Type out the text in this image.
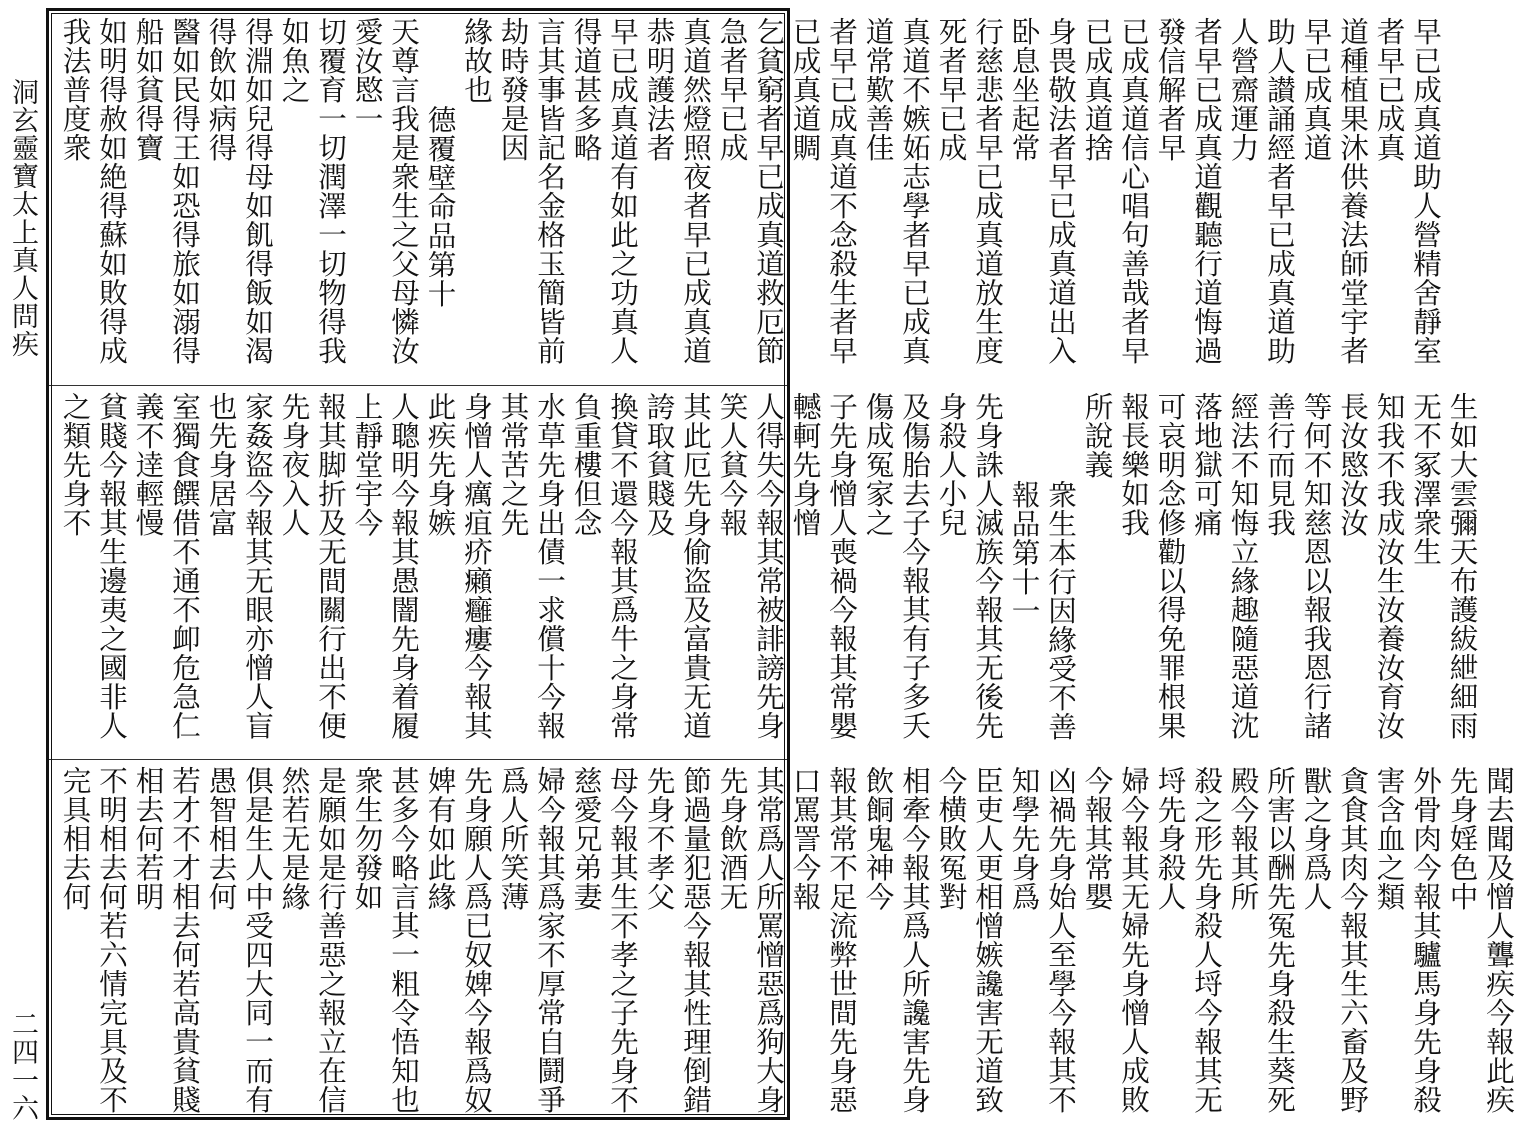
洞玄靈寶太上真人問疾
二四一六

早已成真道助人營精舍靜室者早已成真

道種植果沐供養法師堂宇者早已成真道

助人讃誦經者早已成真道助人營齋運力

者早已成真道觀聽行道悔過發信解者早

已成真道信心唱句善哉者早已成真道捨

身畏敬法者早已成真道出入卧息坐起常

行慈悲者早已成真道放生度死者早已成

真道不嫉妬志學者早已成真道常歎善佳

者早已成真道不念殺生者早已成真道賙

乞貧窮者早已成真道救厄節急者早已成

真道然燈照夜者早已成真道恭明護法者

早已成真道有如此之功真人得道甚多略

言其事皆記名金格玉簡皆前劫時發是因

緣故也

德覆壁命品第十

天尊言我是衆生之父母憐汝愛汝愍一

切覆育一切潤澤一切物得我如魚之

得淵如兒得母如飢得飯如渴得飲如病得

醫如民得王如恐得旅如溺得船如貧得寶

如明得赦如絶得蘇如敗得成我法普度衆

生如大雲彌天布護紱紲細雨无不冢澤衆生

知我不我成汝生汝養汝育汝長汝愍汝汝

等何不知慈恩以報我恩行諸善行而見我

經法不知悔立緣趣隨惡道沈落地獄可痛

可哀明念修勸以得免罪根果報長樂如我

所說義

衆生本行因緣受不善報品第十一

先身誅人滅族今報其无後先身殺人小兒

及傷胎去子今報其有子多夭傷成冤家之

子先身憎人喪禍今報其常嬰轗軻先身憎

人得失今報其常被誹謗先身笑人貧今報

其此厄先身偷盗及富貴无道誇取貧賤及

換貸不還今報其爲牛之身常負重樓但念

水草先身出債一求償十今報其常苦之先

身憎人癘疽疥癩癰瘻今報其此疾先身嫉

人聰明今報其愚闇先身着履上靜堂宇今

報其脚折及无間關行出不便先身夜入人

家姦盜今報其无眼亦憎人盲也先身居富

室獨食饌借不通不卹危急仁義不逹輕慢

貧賤今報其生邊夷之國非人之類先身不

聞去聞及憎人聾疾今報此疾先身婬色中

外骨肉今報其驢馬身先身殺害含血之類

貪食其肉今報其生六畜及野獸之身爲人

所害以酬先冤先身殺生葵死殿今報其所

殺之形先身殺人埒今報其无埒先身殺人

婦今報其无婦先身憎人成敗今報其常嬰

凶禍先身始人至學今報其不知學先身爲

臣吏人更相憎嫉讒害无道致今横敗冤對

相牽今報其爲人所讒害先身飲餇鬼神今

報其常不足流弊世間先身惡口罵詈今報

其常爲人所罵憎惡爲狗大身先身飲酒无

節過量犯惡今報其性理倒錯先身不孝父

母今報其生不孝之子先身不慈愛兄弟妻

婦今報其爲家不厚常自鬪爭爲人所笑薄

先身願人爲已奴婢今報爲奴婢有如此緣

甚多今略言其一粗令悟知也衆生勿發如

是願如是行善惡之報立在信然若无是緣

俱是生人中受四大同一而有愚智相去何

若才不才相去何若高貴貧賤相去何若明

不明相去何若六情完具及不完具相去何
